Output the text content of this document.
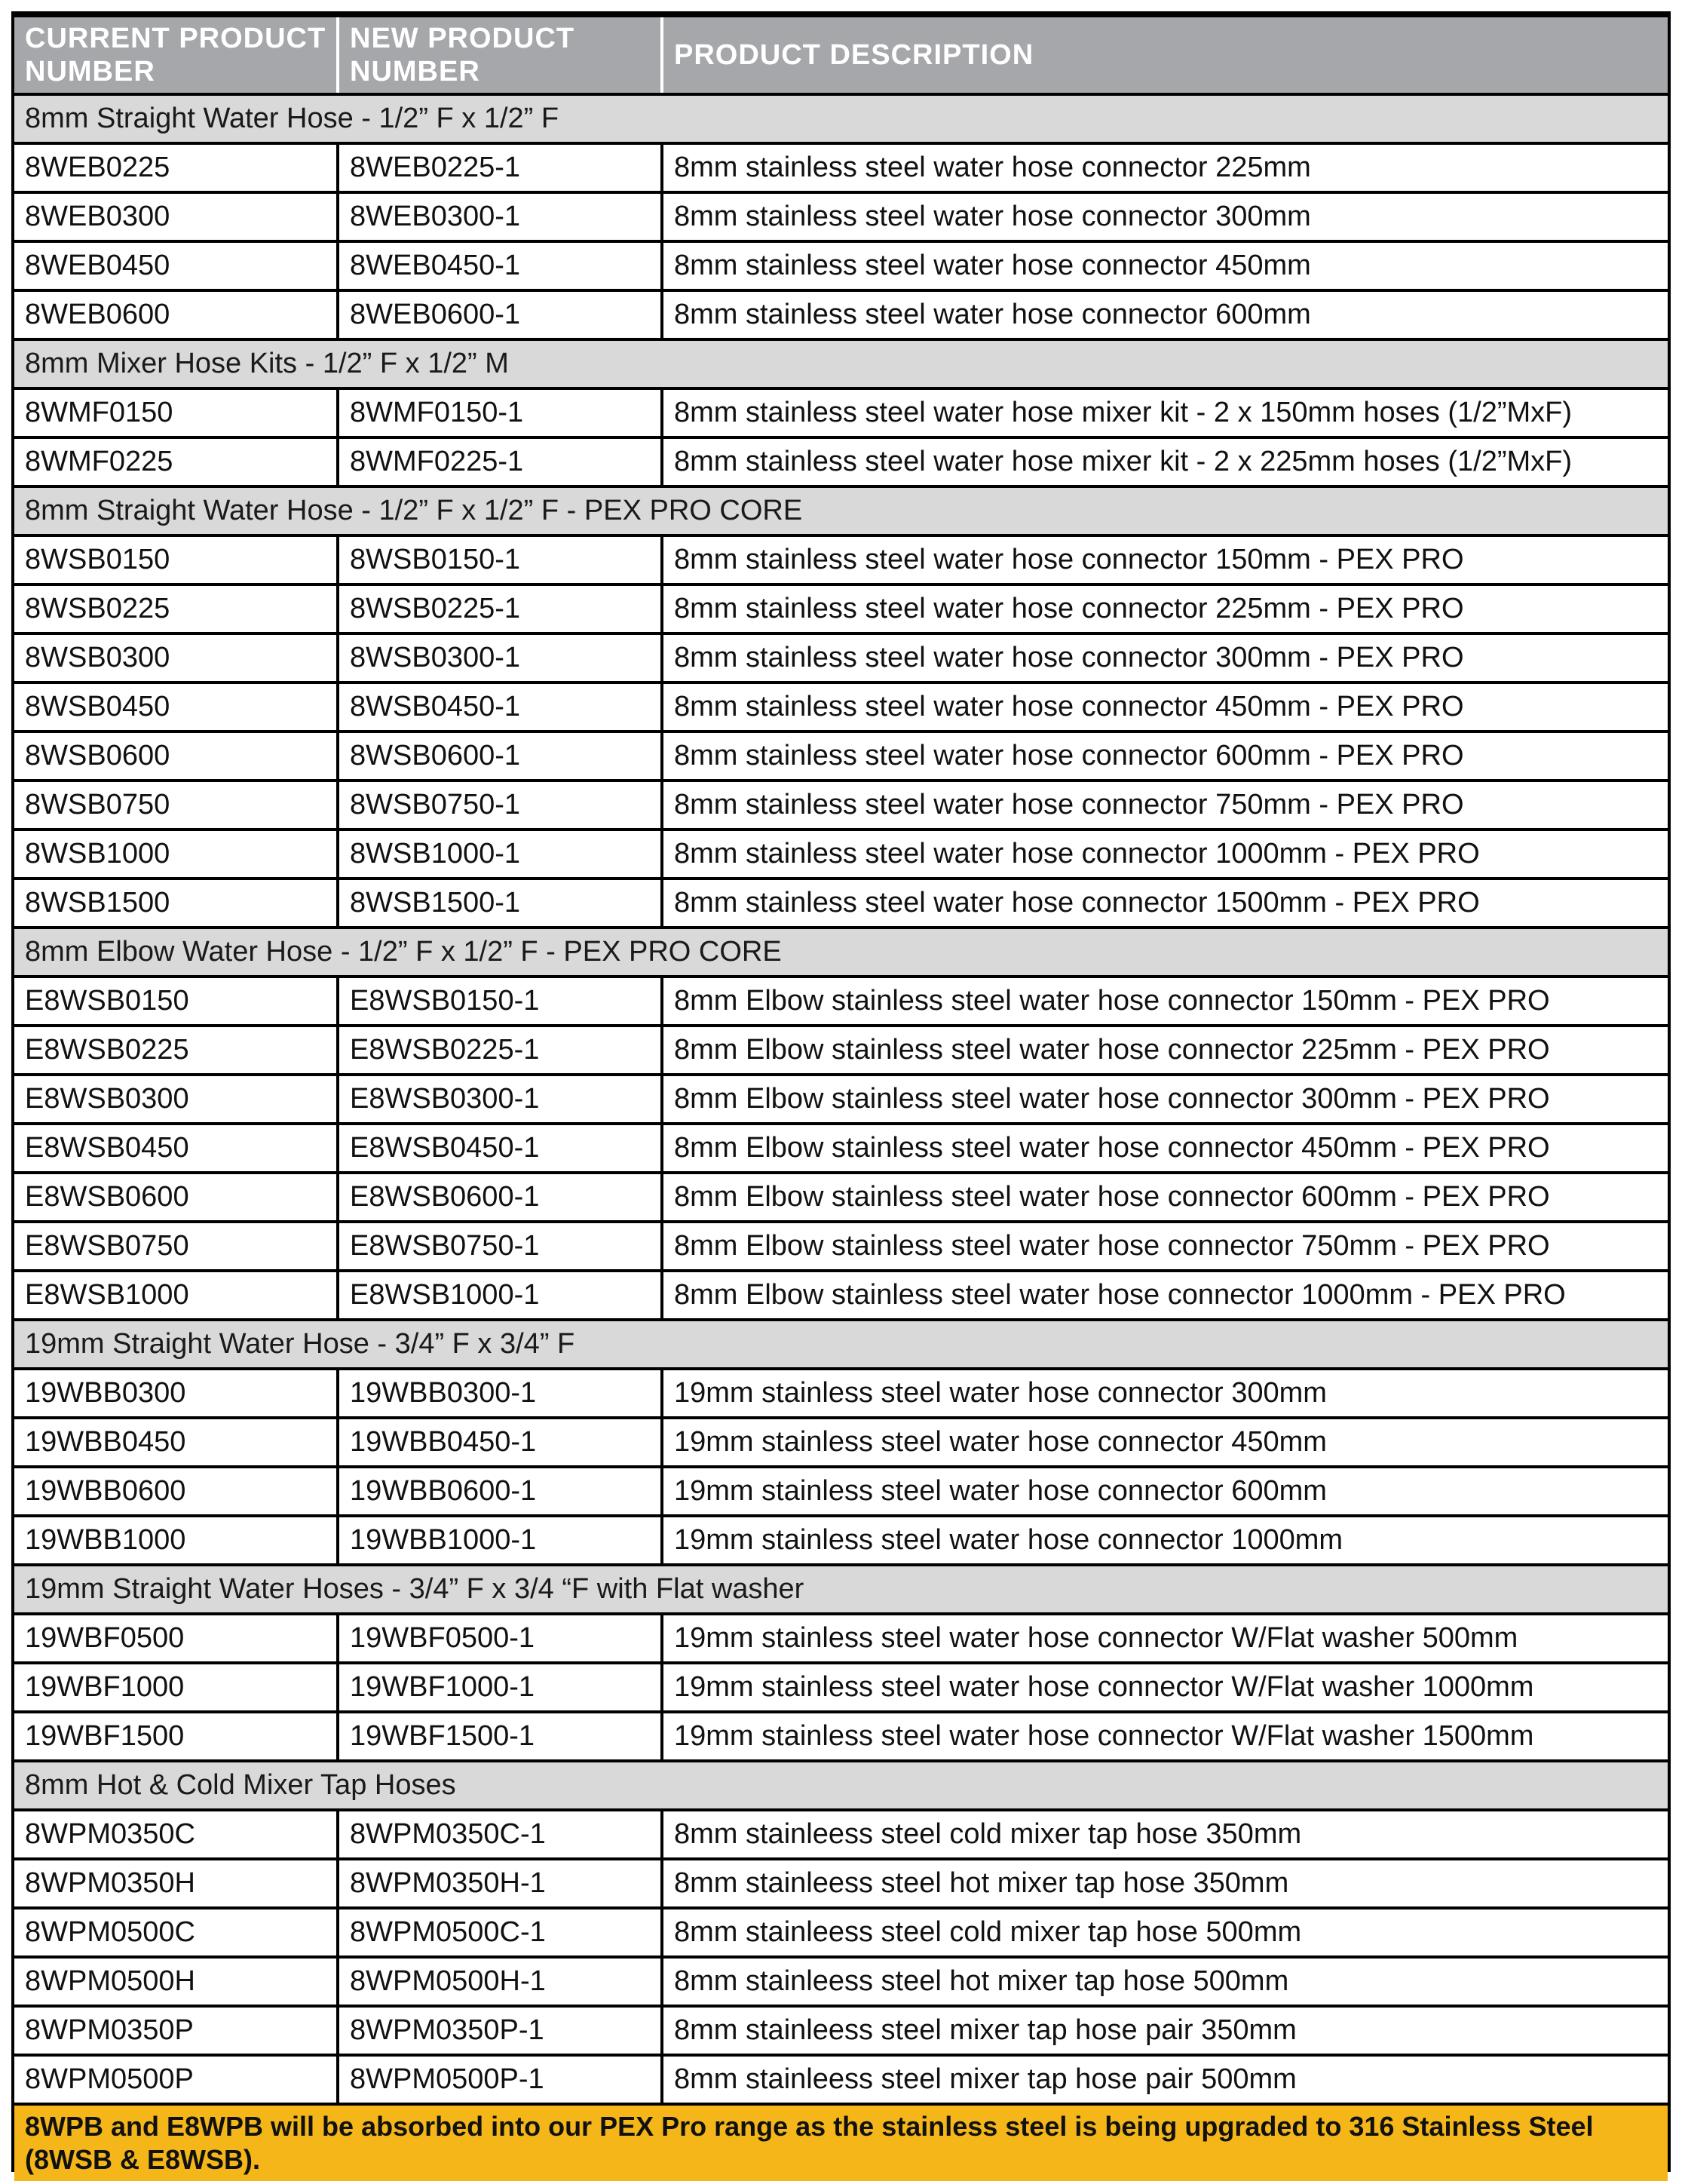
CURRENT PRODUCT NUMBER	NEW PRODUCT NUMBER	PRODUCT DESCRIPTION
8mm Straight Water Hose - 1/2” F x 1/2” F		
8WEB0225	8WEB0225-1	8mm stainless steel water hose connector 225mm
8WEB0300	8WEB0300-1	8mm stainless steel water hose connector 300mm
8WEB0450	8WEB0450-1	8mm stainless steel water hose connector 450mm
8WEB0600	8WEB0600-1	8mm stainless steel water hose connector 600mm
8mm Mixer Hose Kits - 1/2” F x 1/2” M		
8WMF0150	8WMF0150-1	8mm stainless steel water hose mixer kit - 2 x 150mm hoses (1/2”MxF)
8WMF0225	8WMF0225-1	8mm stainless steel water hose mixer kit - 2 x 225mm hoses (1/2”MxF)
8mm Straight Water Hose - 1/2” F x 1/2” F - PEX PRO CORE		
8WSB0150	8WSB0150-1	8mm stainless steel water hose connector 150mm - PEX PRO
8WSB0225	8WSB0225-1	8mm stainless steel water hose connector 225mm - PEX PRO
8WSB0300	8WSB0300-1	8mm stainless steel water hose connector 300mm - PEX PRO
8WSB0450	8WSB0450-1	8mm stainless steel water hose connector 450mm - PEX PRO
8WSB0600	8WSB0600-1	8mm stainless steel water hose connector 600mm - PEX PRO
8WSB0750	8WSB0750-1	8mm stainless steel water hose connector 750mm - PEX PRO
8WSB1000	8WSB1000-1	8mm stainless steel water hose connector 1000mm - PEX PRO
8WSB1500	8WSB1500-1	8mm stainless steel water hose connector 1500mm - PEX PRO
8mm Elbow Water Hose - 1/2” F x 1/2” F - PEX PRO CORE		
E8WSB0150	E8WSB0150-1	8mm Elbow stainless steel water hose connector 150mm - PEX PRO
E8WSB0225	E8WSB0225-1	8mm Elbow stainless steel water hose connector 225mm - PEX PRO
E8WSB0300	E8WSB0300-1	8mm Elbow stainless steel water hose connector 300mm - PEX PRO
E8WSB0450	E8WSB0450-1	8mm Elbow stainless steel water hose connector 450mm - PEX PRO
E8WSB0600	E8WSB0600-1	8mm Elbow stainless steel water hose connector 600mm - PEX PRO
E8WSB0750	E8WSB0750-1	8mm Elbow stainless steel water hose connector 750mm - PEX PRO
E8WSB1000	E8WSB1000-1	8mm Elbow stainless steel water hose connector 1000mm - PEX PRO
19mm Straight Water Hose - 3/4” F x 3/4” F		
19WBB0300	19WBB0300-1	19mm stainless steel water hose connector 300mm
19WBB0450	19WBB0450-1	19mm stainless steel water hose connector 450mm
19WBB0600	19WBB0600-1	19mm stainless steel water hose connector 600mm
19WBB1000	19WBB1000-1	19mm stainless steel water hose connector 1000mm
19mm Straight Water Hoses - 3/4” F x 3/4 “F with Flat washer		
19WBF0500	19WBF0500-1	19mm stainless steel water hose connector W/Flat washer 500mm
19WBF1000	19WBF1000-1	19mm stainless steel water hose connector W/Flat washer 1000mm
19WBF1500	19WBF1500-1	19mm stainless steel water hose connector W/Flat washer 1500mm
8mm Hot & Cold Mixer Tap Hoses		
8WPM0350C	8WPM0350C-1	8mm stainleess steel cold mixer tap hose 350mm
8WPM0350H	8WPM0350H-1	8mm stainleess steel hot mixer tap hose 350mm
8WPM0500C	8WPM0500C-1	8mm stainleess steel cold mixer tap hose 500mm
8WPM0500H	8WPM0500H-1	8mm stainleess steel hot mixer tap hose 500mm
8WPM0350P	8WPM0350P-1	8mm stainleess steel mixer tap hose pair 350mm
8WPM0500P	8WPM0500P-1	8mm stainleess steel mixer tap hose pair 500mm
8WPB and E8WPB will be absorbed into our PEX Pro range as the stainless steel is being upgraded to 316 Stainless Steel (8WSB & E8WSB).		
